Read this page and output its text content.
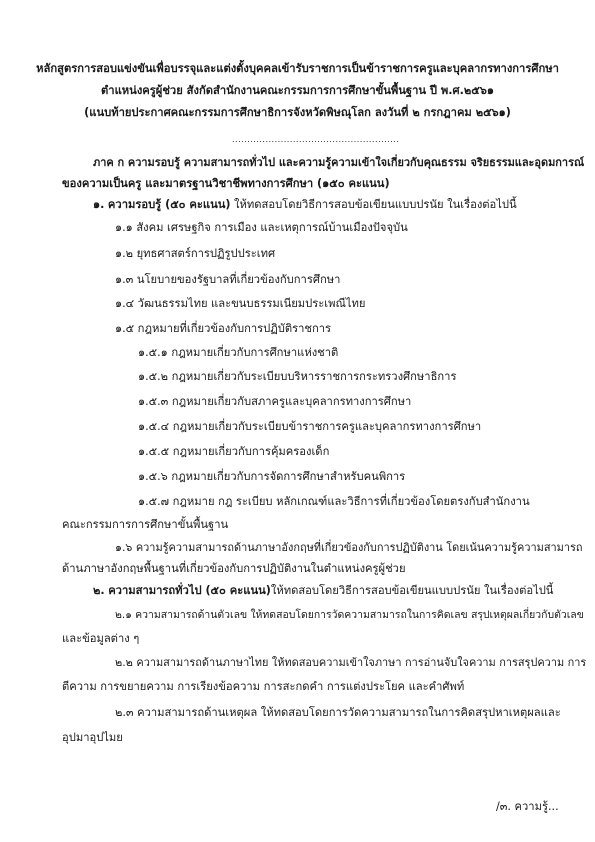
หลักสูตรการสอบแข่งขันเพื่อบรรจุและแต่งตั้งบุคคลเข้ารับราชการเป็นข้าราชการครูและบุคลากรทางการศึกษา
ตำแหน่งครูผู้ช่วย สังกัดสำนักงานคณะกรรมการการศึกษาขั้นพื้นฐาน ปี พ.ศ.๒๕๖๑
(แนบท้ายประกาศคณะกรรมการศึกษาธิการจังหวัดพิษณุโลก ลงวันที่ ๒ กรกฎาคม ๒๕๖๑)
.......................................................
ภาค ก ความรอบรู้ ความสามารถทั่วไป และความรู้ความเข้าใจเกี่ยวกับคุณธรรม จริยธรรมและอุดมการณ์
ของความเป็นครู และมาตรฐานวิชาชีพทางการศึกษา (๑๕๐ คะแนน)
๑. ความรอบรู้ (๕๐ คะแนน) ให้ทดสอบโดยวิธีการสอบข้อเขียนแบบปรนัย ในเรื่องต่อไปนี้
๑.๑ สังคม เศรษฐกิจ การเมือง และเหตุการณ์บ้านเมืองปัจจุบัน
๑.๒ ยุทธศาสตร์การปฏิรูปประเทศ
๑.๓ นโยบายของรัฐบาลที่เกี่ยวข้องกับการศึกษา
๑.๔ วัฒนธรรมไทย และขนบธรรมเนียมประเพณีไทย
๑.๕ กฎหมายที่เกี่ยวข้องกับการปฏิบัติราชการ
๑.๕.๑ กฎหมายเกี่ยวกับการศึกษาแห่งชาติ
๑.๕.๒ กฎหมายเกี่ยวกับระเบียบบริหารราชการกระทรวงศึกษาธิการ
๑.๕.๓ กฎหมายเกี่ยวกับสภาครูและบุคลากรทางการศึกษา
๑.๕.๔ กฎหมายเกี่ยวกับระเบียบข้าราชการครูและบุคลากรทางการศึกษา
๑.๕.๕ กฎหมายเกี่ยวกับการคุ้มครองเด็ก
๑.๕.๖ กฎหมายเกี่ยวกับการจัดการศึกษาสำหรับคนพิการ
๑.๕.๗ กฎหมาย กฎ ระเบียบ หลักเกณฑ์และวิธีการที่เกี่ยวข้องโดยตรงกับสำนักงาน
คณะกรรมการการศึกษาขั้นพื้นฐาน
๑.๖ ความรู้ความสามารถด้านภาษาอังกฤษที่เกี่ยวข้องกับการปฏิบัติงาน โดยเน้นความรู้ความสามารถ
ด้านภาษาอังกฤษพื้นฐานที่เกี่ยวข้องกับการปฏิบัติงานในตำแหน่งครูผู้ช่วย
๒. ความสามารถทั่วไป (๕๐ คะแนน)ให้ทดสอบโดยวิธีการสอบข้อเขียนแบบปรนัย ในเรื่องต่อไปนี้
๒.๑ ความสามารถด้านตัวเลข ให้ทดสอบโดยการวัดความสามารถในการคิดเลข สรุปเหตุผลเกี่ยวกับตัวเลข
และข้อมูลต่าง ๆ
๒.๒ ความสามารถด้านภาษาไทย ให้ทดสอบความเข้าใจภาษา การอ่านจับใจความ การสรุปความ การ
ตีความ การขยายความ การเรียงข้อความ การสะกดคำ การแต่งประโยค และคำศัพท์
๒.๓ ความสามารถด้านเหตุผล ให้ทดสอบโดยการวัดความสามารถในการคิดสรุปหาเหตุผลและ
อุปมาอุปไมย
/๓. ความรู้...
